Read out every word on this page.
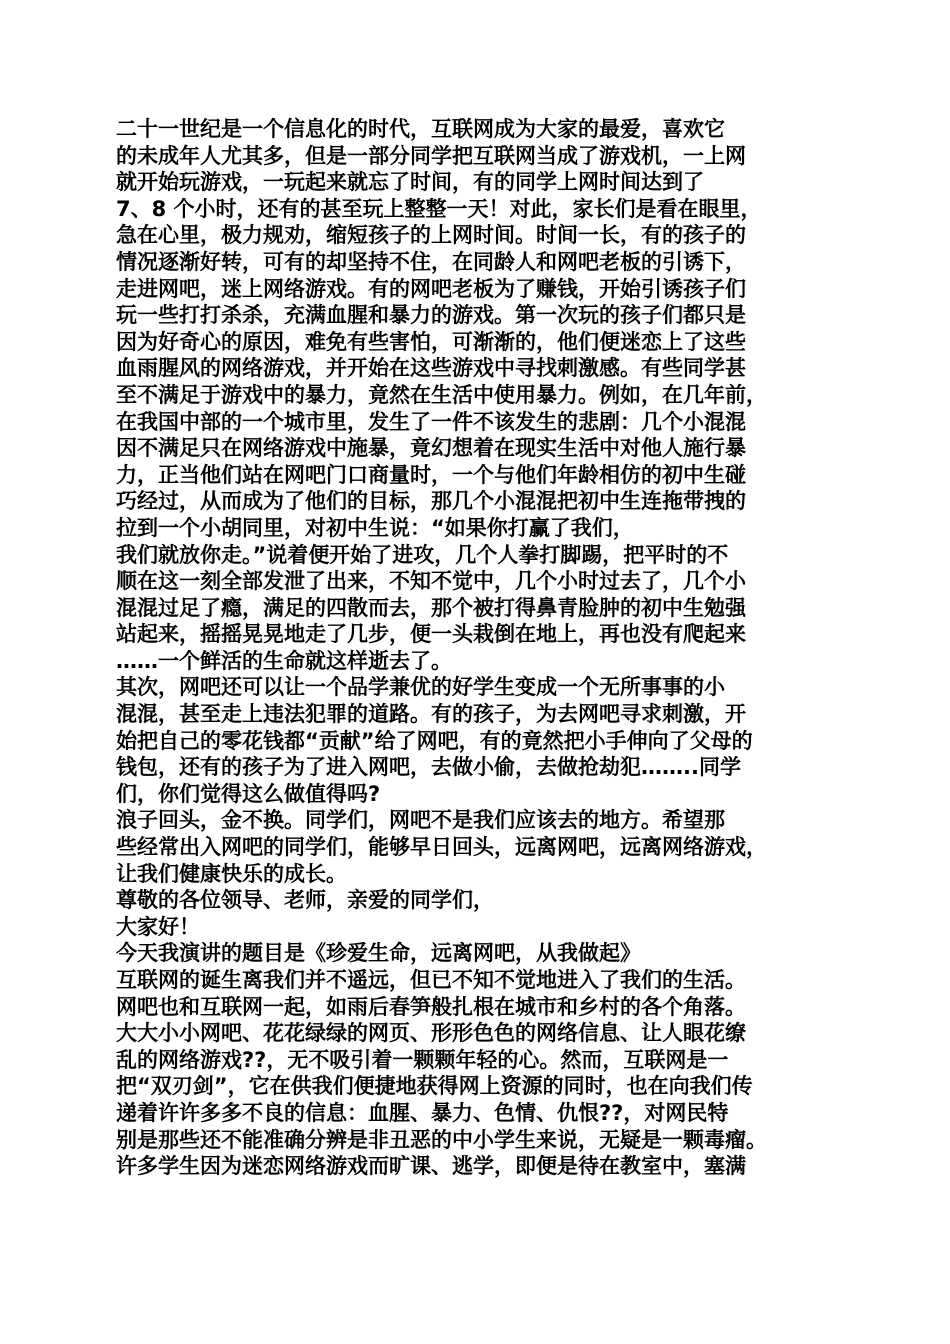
二十一世纪是一个信息化的时代，互联网成为大家的最爱，喜欢它
的未成年人尤其多，但是一部分同学把互联网当成了游戏机，一上网
就开始玩游戏，一玩起来就忘了时间，有的同学上网时间达到了
7、8 个小时，还有的甚至玩上整整一天！对此，家长们是看在眼里，
急在心里，极力规劝，缩短孩子的上网时间。时间一长，有的孩子的
情况逐渐好转，可有的却坚持不住，在同龄人和网吧老板的引诱下，
走进网吧，迷上网络游戏。有的网吧老板为了赚钱，开始引诱孩子们
玩一些打打杀杀，充满血腥和暴力的游戏。第一次玩的孩子们都只是
因为好奇心的原因，难免有些害怕，可渐渐的，他们便迷恋上了这些
血雨腥风的网络游戏，并开始在这些游戏中寻找刺激感。有些同学甚
至不满足于游戏中的暴力，竟然在生活中使用暴力。例如，在几年前，
在我国中部的一个城市里，发生了一件不该发生的悲剧：几个小混混
因不满足只在网络游戏中施暴，竟幻想着在现实生活中对他人施行暴
力，正当他们站在网吧门口商量时，一个与他们年龄相仿的初中生碰
巧经过，从而成为了他们的目标，那几个小混混把初中生连拖带拽的
拉到一个小胡同里，对初中生说：“如果你打赢了我们，
我们就放你走。”说着便开始了进攻，几个人拳打脚踢，把平时的不
顺在这一刻全部发泄了出来，不知不觉中，几个小时过去了，几个小
混混过足了瘾，满足的四散而去，那个被打得鼻青脸肿的初中生勉强
站起来，摇摇晃晃地走了几步，便一头栽倒在地上，再也没有爬起来
……一个鲜活的生命就这样逝去了。
其次，网吧还可以让一个品学兼优的好学生变成一个无所事事的小
混混，甚至走上违法犯罪的道路。有的孩子，为去网吧寻求刺激，开
始把自己的零花钱都“贡献”给了网吧，有的竟然把小手伸向了父母的
钱包，还有的孩子为了进入网吧，去做小偷，去做抢劫犯……..同学
们，你们觉得这么做值得吗?
浪子回头，金不换。同学们，网吧不是我们应该去的地方。希望那
些经常出入网吧的同学们，能够早日回头，远离网吧，远离网络游戏，
让我们健康快乐的成长。
尊敬的各位领导、老师，亲爱的同学们，
大家好！
今天我演讲的题目是《珍爱生命，远离网吧，从我做起》
互联网的诞生离我们并不遥远，但已不知不觉地进入了我们的生活。
网吧也和互联网一起，如雨后春笋般扎根在城市和乡村的各个角落。
大大小小网吧、花花绿绿的网页、形形色色的网络信息、让人眼花缭
乱的网络游戏??，无不吸引着一颗颗年轻的心。然而，互联网是一
把“双刃剑”，它在供我们便捷地获得网上资源的同时，也在向我们传
递着许许多多不良的信息：血腥、暴力、色情、仇恨??，对网民特
别是那些还不能准确分辨是非丑恶的中小学生来说，无疑是一颗毒瘤。
许多学生因为迷恋网络游戏而旷课、逃学，即便是待在教室中，塞满
